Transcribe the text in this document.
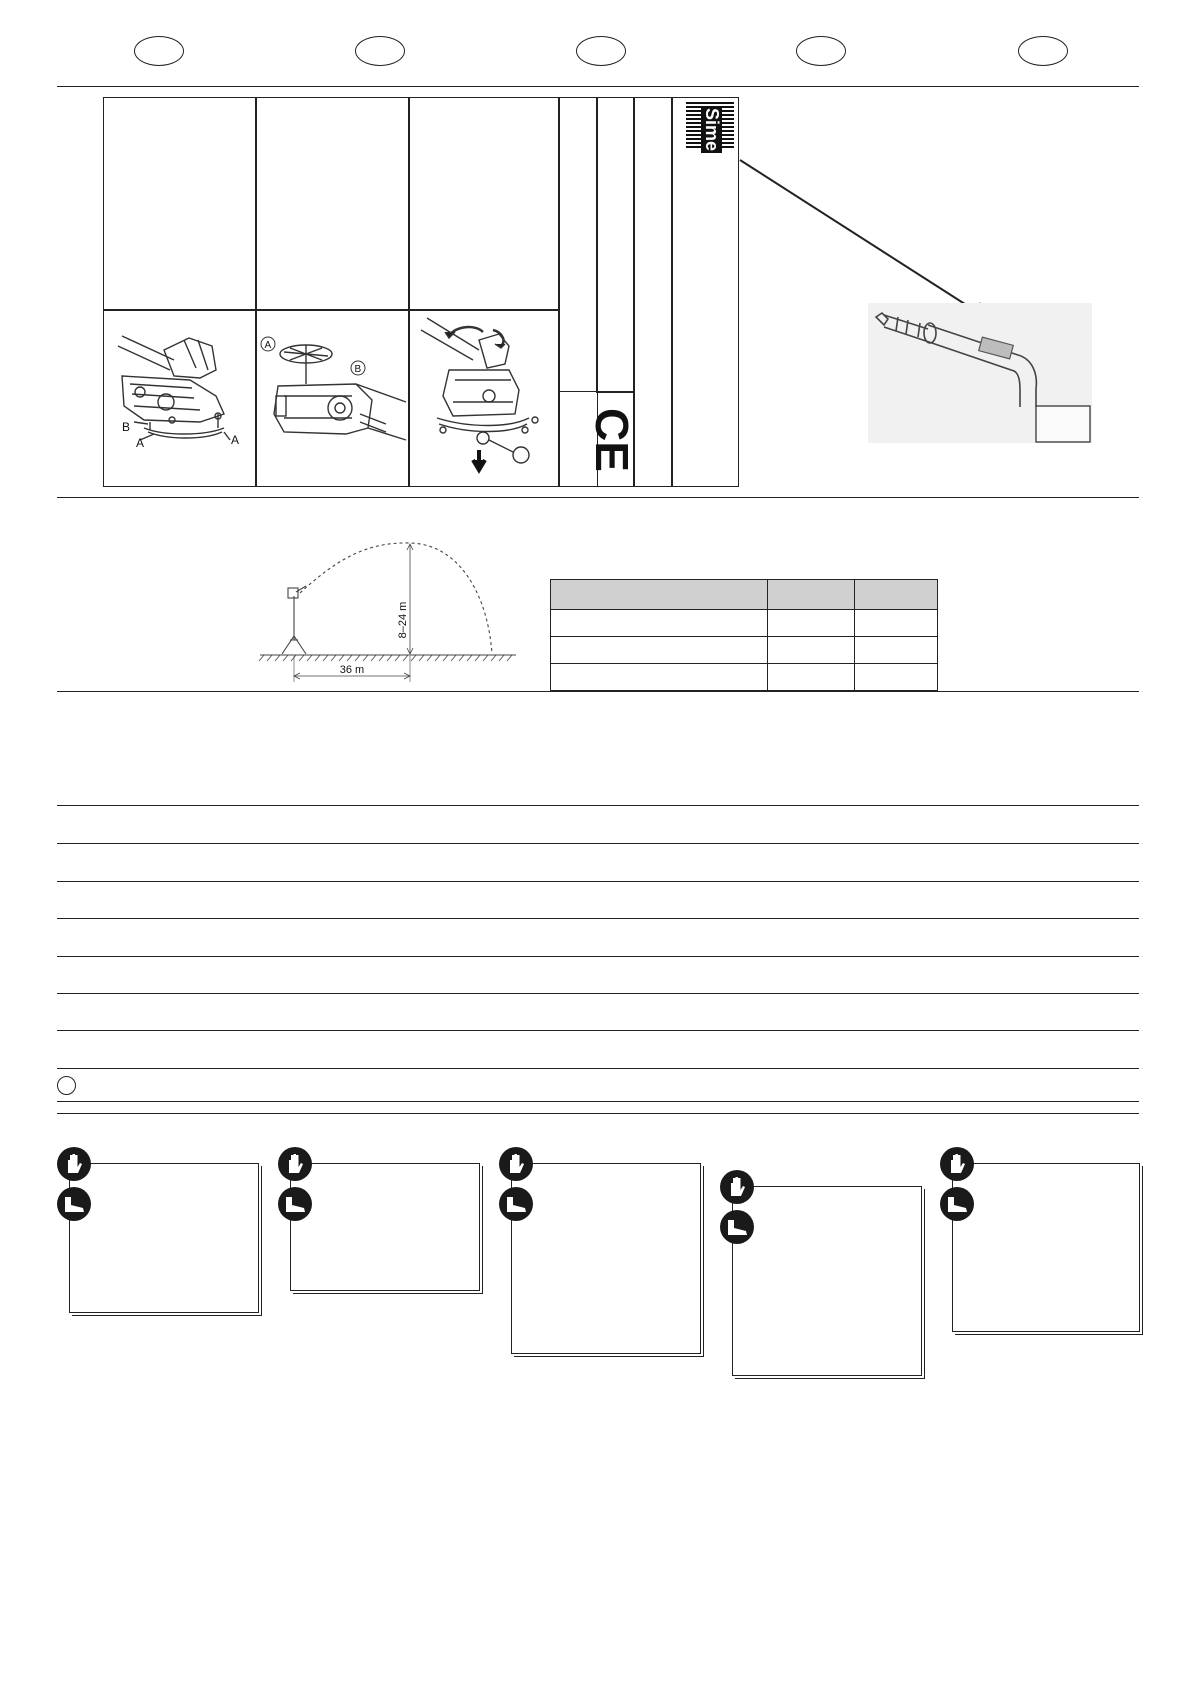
B
A	A
A
B
CE
Sime
8–24 m
36 m
